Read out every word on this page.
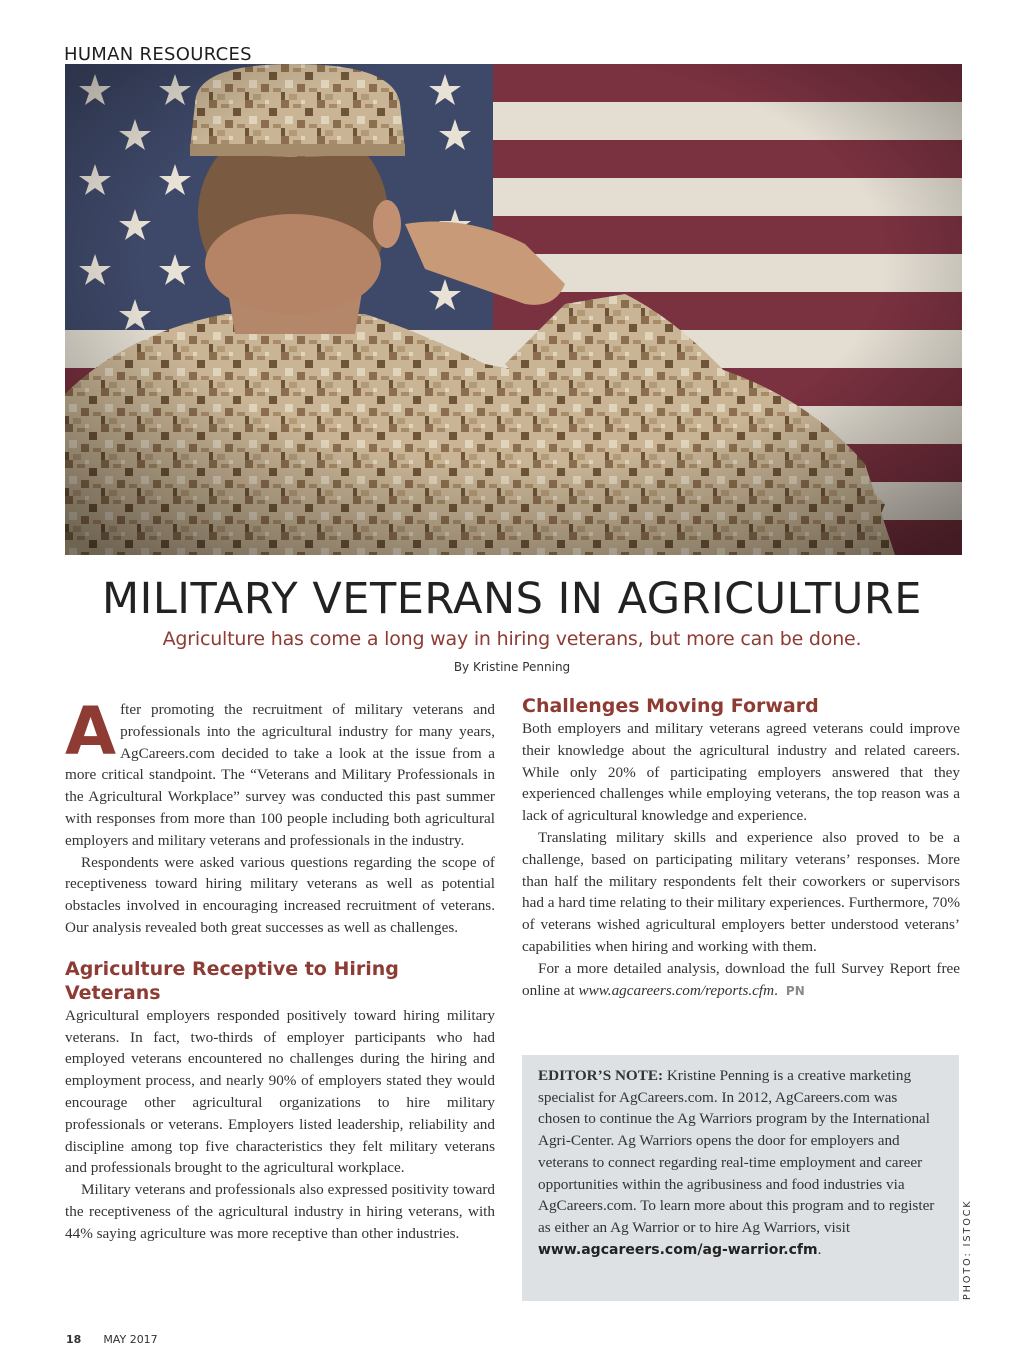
HUMAN RESOURCES
MILITARY VETERANS IN AGRICULTURE
Agriculture has come a long way in hiring veterans, but more can be done.
By Kristine Penning

After promoting the recruitment of military veterans and professionals into the agricultural industry for many years, AgCareers.com decided to take a look at the issue from a more critical standpoint. The “Veterans and Military Professionals in the Agricultural Workplace” survey was conducted this past summer with responses from more than 100 people including both agricultural employers and military veterans and professionals in the industry.

Respondents were asked various questions regarding the scope of receptiveness toward hiring military veterans as well as potential obstacles involved in encouraging increased recruitment of veterans. Our analysis revealed both great successes as well as challenges.

Agriculture Receptive to Hiring Veterans

Agricultural employers responded positively toward hiring military veterans. In fact, two-thirds of employer participants who had employed veterans encountered no challenges during the hiring and employment process, and nearly 90% of employers stated they would encourage other agricultural organizations to hire military professionals or veterans. Employers listed leadership, reliability and discipline among top five characteristics they felt military veterans and professionals brought to the agricultural workplace.

Military veterans and professionals also expressed positivity toward the receptiveness of the agricultural industry in hiring veterans, with 44% saying agriculture was more receptive than other industries.

Challenges Moving Forward

Both employers and military veterans agreed veterans could improve their knowledge about the agricultural industry and related careers. While only 20% of participating employers answered that they experienced challenges while employing veterans, the top reason was a lack of agricultural knowledge and experience.

Translating military skills and experience also proved to be a challenge, based on participating military veterans’ responses. More than half the military respondents felt their coworkers or supervisors had a hard time relating to their military experiences. Furthermore, 70% of veterans wished agricultural employers better understood veterans’ capabilities when hiring and working with them.

For a more detailed analysis, download the full Survey Report free online at www.agcareers.com/reports.cfm. PN

EDITOR’S NOTE: Kristine Penning is a creative marketing specialist for AgCareers.com. In 2012, AgCareers.com was chosen to continue the Ag Warriors program by the International Agri-Center. Ag Warriors opens the door for employers and veterans to connect regarding real-time employment and career opportunities within the agribusiness and food industries via AgCareers.com. To learn more about this program and to register as either an Ag Warrior or to hire Ag Warriors, visit www.agcareers.com/ag-warrior.cfm.	PHOTO: ISTOCK
18 MAY 2017
